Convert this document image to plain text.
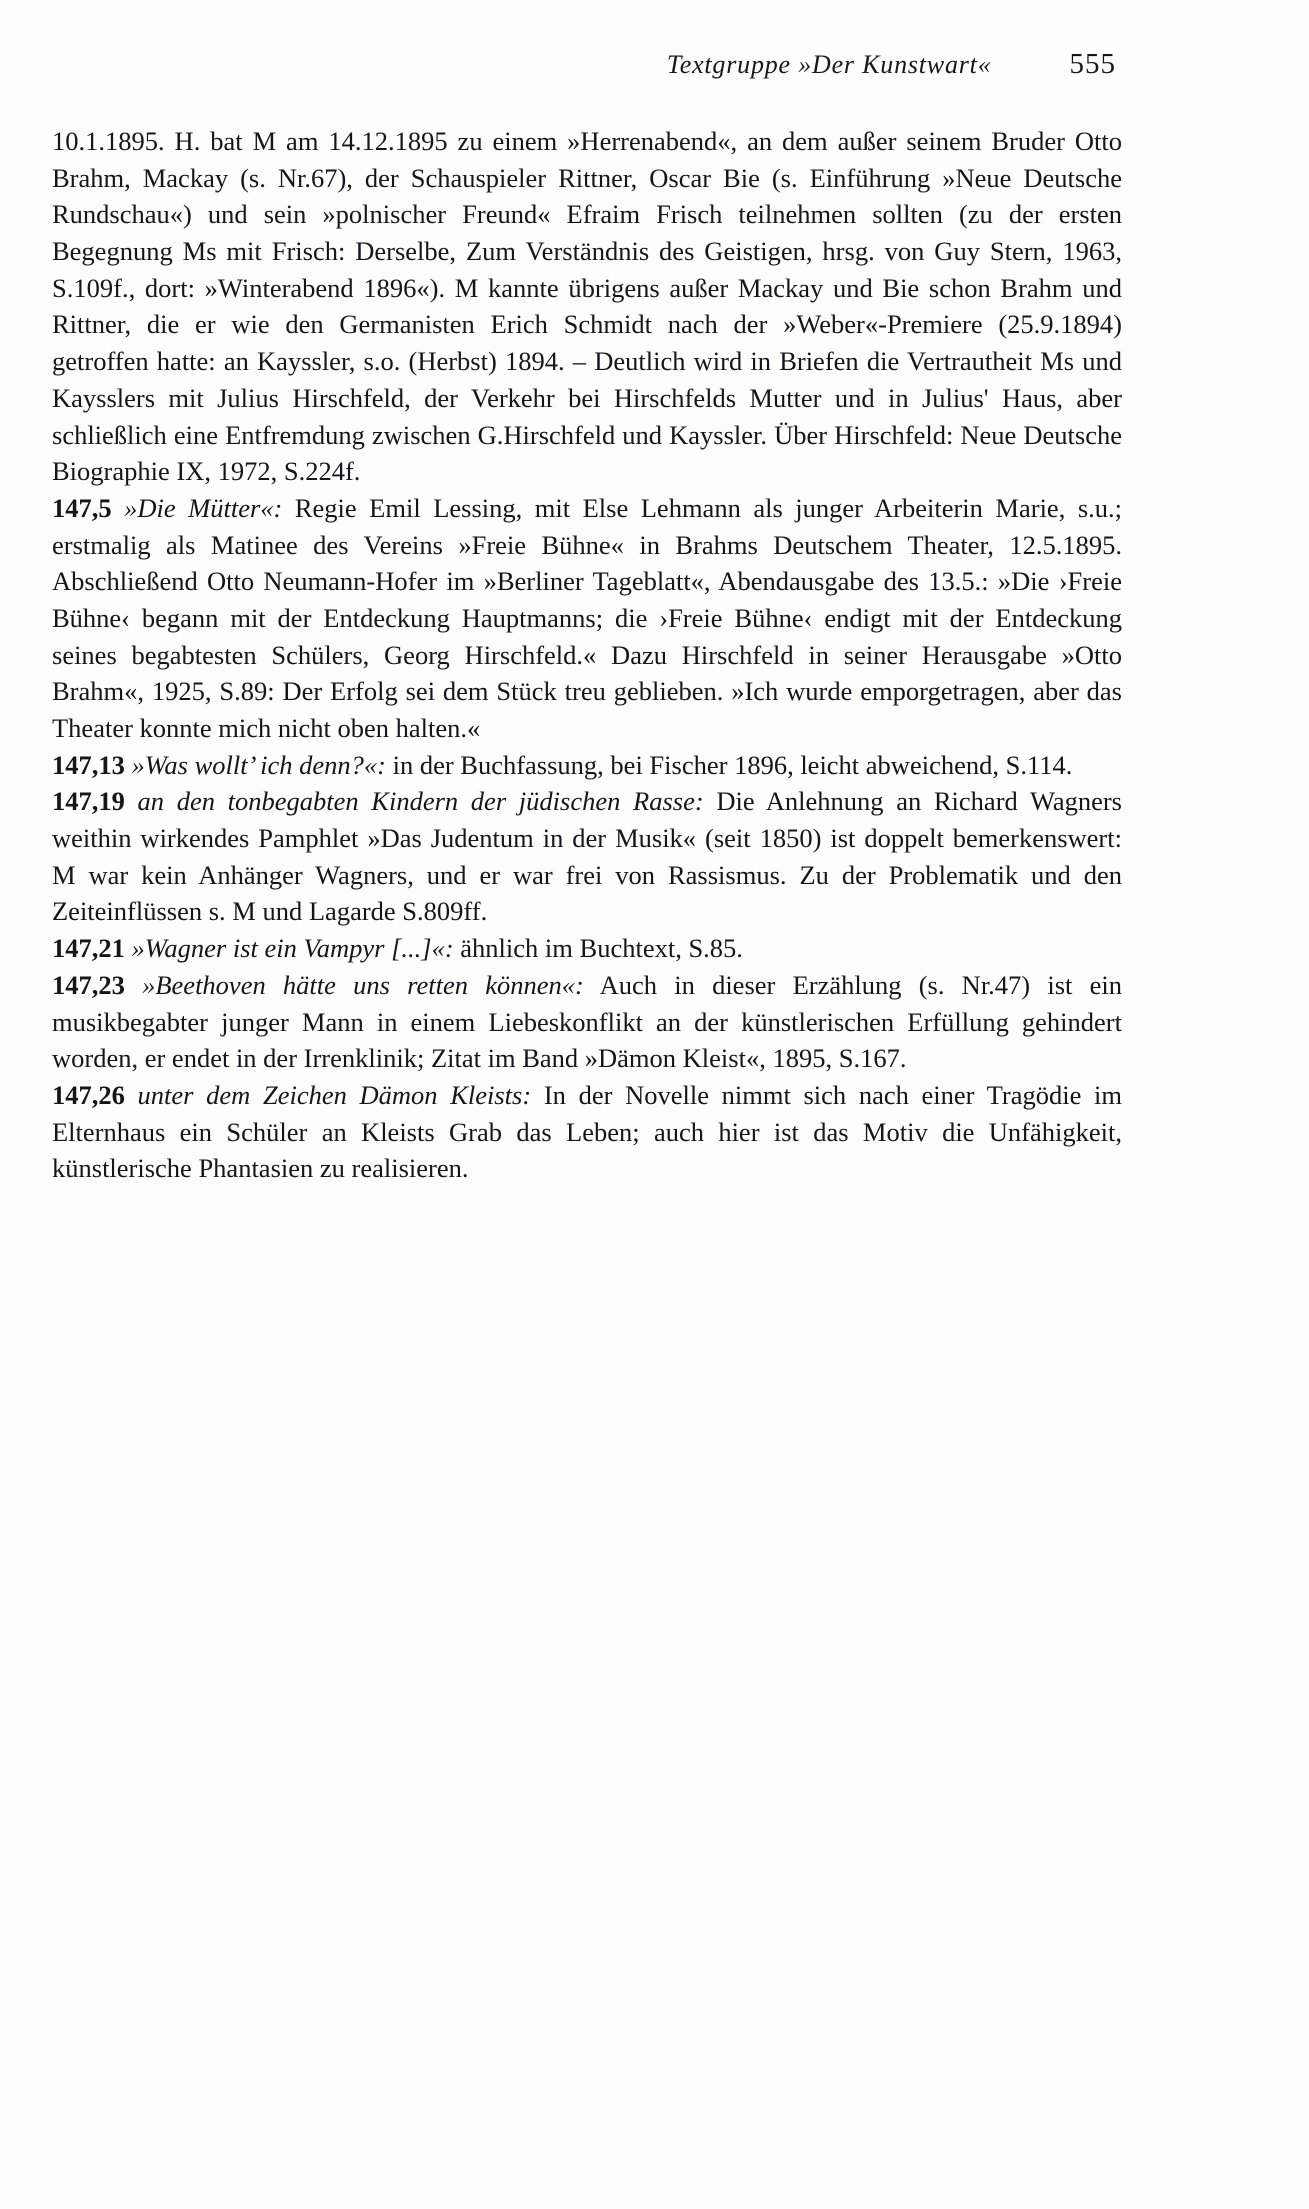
Textgruppe »Der Kunstwart«	555

10.1.1895. H. bat M am 14.12.1895 zu einem »Herrenabend«, an dem außer seinem Bruder Otto Brahm, Mackay (s. Nr.67), der Schauspieler Rittner, Oscar Bie (s. Einführung »Neue Deutsche Rundschau«) und sein »polnischer Freund« Efraim Frisch teilnehmen sollten (zu der ersten Begegnung Ms mit Frisch: Derselbe, Zum Verständnis des Geistigen, hrsg. von Guy Stern, 1963, S.109f., dort: »Winterabend 1896«). M kannte übrigens außer Mackay und Bie schon Brahm und Rittner, die er wie den Germanisten Erich Schmidt nach der »Weber«-Premiere (25.9.1894) getroffen hatte: an Kayssler, s.o. (Herbst) 1894. – Deutlich wird in Briefen die Vertrautheit Ms und Kaysslers mit Julius Hirschfeld, der Verkehr bei Hirschfelds Mutter und in Julius' Haus, aber schließlich eine Entfremdung zwischen G.Hirschfeld und Kayssler. Über Hirschfeld: Neue Deutsche Biographie IX, 1972, S.224f.

147,5 »Die Mütter«: Regie Emil Lessing, mit Else Lehmann als junger Arbeiterin Marie, s.u.; erstmalig als Matinee des Vereins »Freie Bühne« in Brahms Deutschem Theater, 12.5.1895. Abschließend Otto Neumann-Hofer im »Berliner Tageblatt«, Abendausgabe des 13.5.: »Die ›Freie Bühne‹ begann mit der Entdeckung Hauptmanns; die ›Freie Bühne‹ endigt mit der Entdeckung seines begabtesten Schülers, Georg Hirschfeld.« Dazu Hirschfeld in seiner Herausgabe »Otto Brahm«, 1925, S.89: Der Erfolg sei dem Stück treu geblieben. »Ich wurde emporgetragen, aber das Theater konnte mich nicht oben halten.«

147,13 »Was wollt’ ich denn?«: in der Buchfassung, bei Fischer 1896, leicht abweichend, S.114.

147,19 an den tonbegabten Kindern der jüdischen Rasse: Die Anlehnung an Richard Wagners weithin wirkendes Pamphlet »Das Judentum in der Musik« (seit 1850) ist doppelt bemerkenswert: M war kein Anhänger Wagners, und er war frei von Rassismus. Zu der Problematik und den Zeiteinflüssen s. M und Lagarde S.809ff.

147,21 »Wagner ist ein Vampyr [...]«: ähnlich im Buchtext, S.85.

147,23 »Beethoven hätte uns retten können«: Auch in dieser Erzählung (s. Nr.47) ist ein musikbegabter junger Mann in einem Liebeskonflikt an der künstlerischen Erfüllung gehindert worden, er endet in der Irrenklinik; Zitat im Band »Dämon Kleist«, 1895, S.167.

147,26 unter dem Zeichen Dämon Kleists: In der Novelle nimmt sich nach einer Tragödie im Elternhaus ein Schüler an Kleists Grab das Leben; auch hier ist das Motiv die Unfähigkeit, künstlerische Phantasien zu realisieren.
